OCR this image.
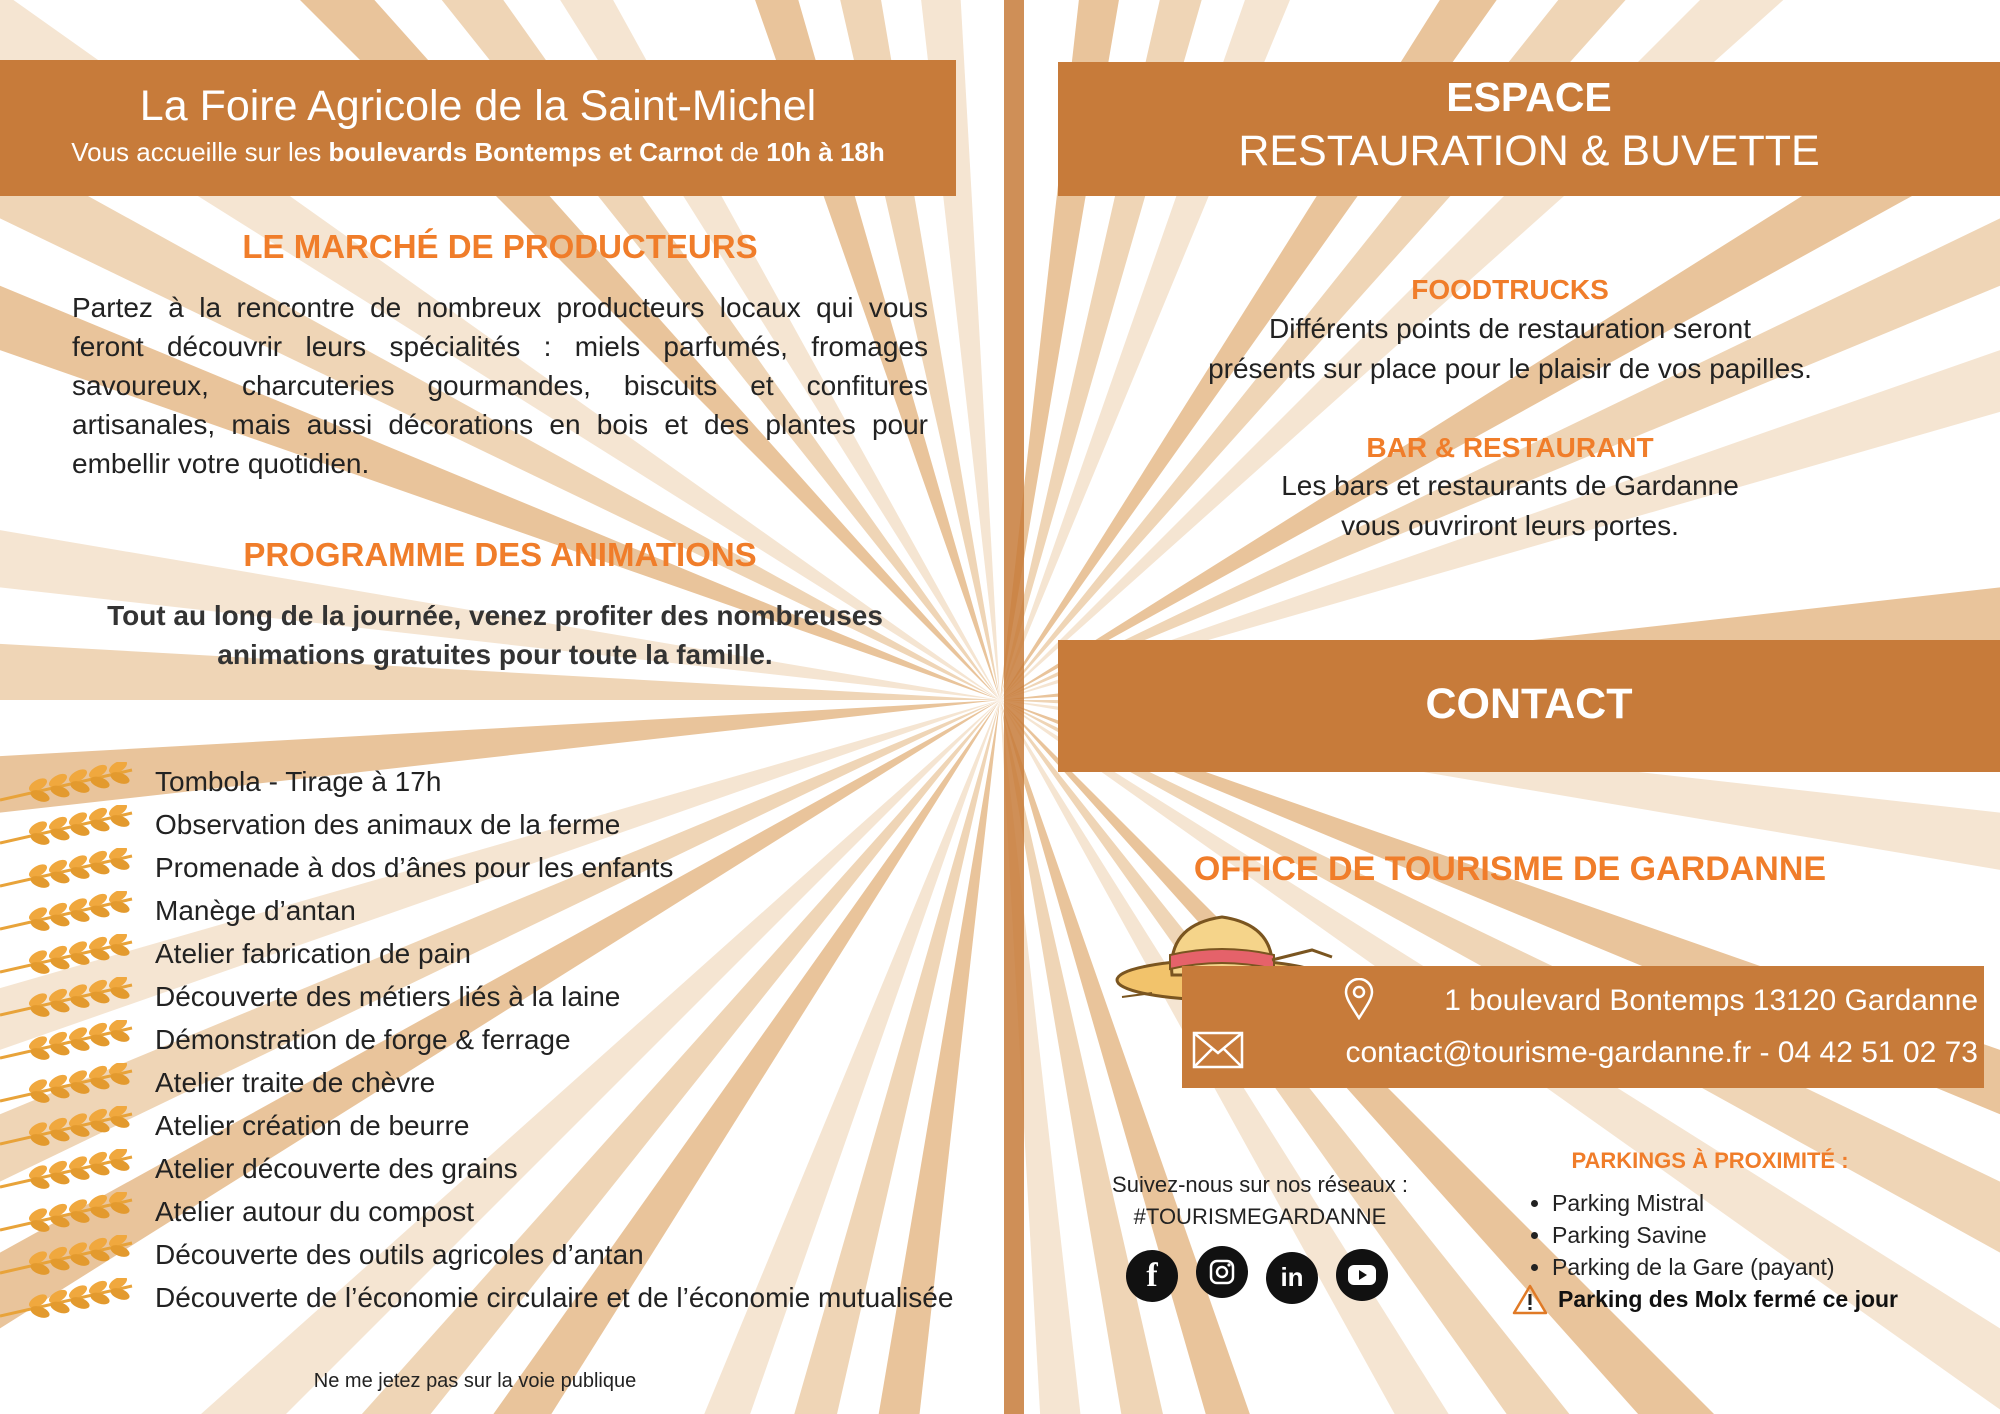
La Foire Agricole de la Saint-Michel
Vous accueille sur les boulevards Bontemps et Carnot de 10h à 18h
LE MARCHÉ DE PRODUCTEURS
Partez à la rencontre de nombreux producteurs locaux qui vous feront découvrir leurs spécialités : miels parfumés, fromages savoureux, charcuteries gourmandes, biscuits et confitures artisanales, mais aussi décorations en bois et des plantes pour embellir votre quotidien.
PROGRAMME DES ANIMATIONS
Tout au long de la journée, venez profiter des nombreuses animations gratuites pour toute la famille.
Tombola - Tirage à 17h
Observation des animaux de la ferme
Promenade à dos d’ânes pour les enfants
Manège d’antan
Atelier fabrication de pain
Découverte des métiers liés à la laine
Démonstration de forge & ferrage
Atelier traite de chèvre
Atelier création de beurre
Atelier découverte des grains
Atelier autour du compost
Découverte des outils agricoles d’antan
Découverte de l’économie circulaire et de l’économie mutualisée
Ne me jetez pas sur la voie publique
ESPACE
RESTAURATION & BUVETTE
FOODTRUCKS
Différents points de restauration seront
présents sur place pour le plaisir de vos papilles.
BAR & RESTAURANT
Les bars et restaurants de Gardanne
vous ouvriront leurs portes.
CONTACT
OFFICE DE TOURISME DE GARDANNE
1 boulevard Bontemps 13120 Gardanne
contact@tourisme-gardanne.fr - 04 42 51 02 73
Suivez-nous sur nos réseaux :
#TOURISMEGARDANNE
f	in
PARKINGS À PROXIMITÉ :
• Parking Mistral
• Parking Savine
• Parking de la Gare (payant)
Parking des Molx fermé ce jour
